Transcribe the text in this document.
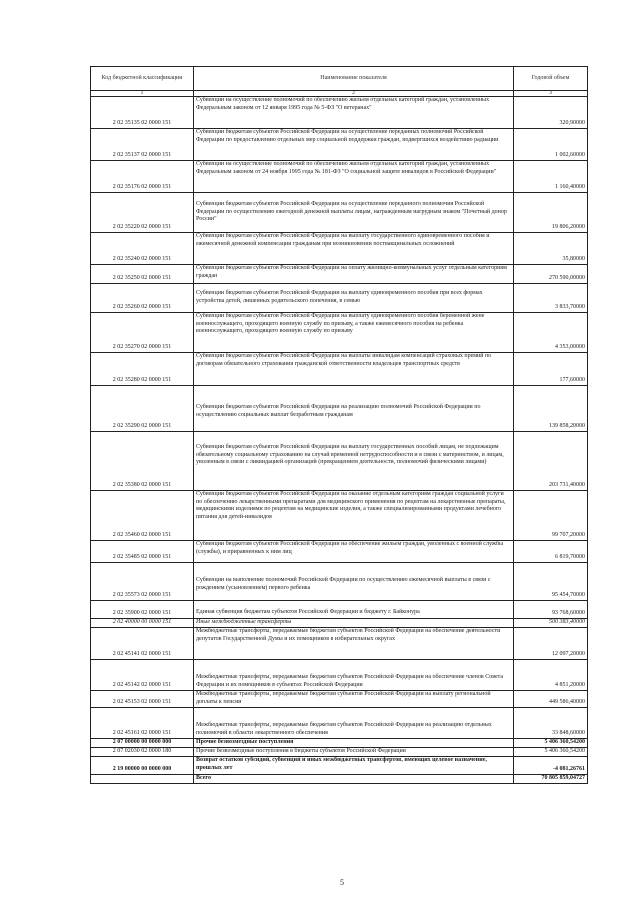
Код бюджетной классификации	Наименование показателя	Годовой объем
1	2	3
2 02 35135 02 0000 151	Субвенции на осуществление полномочий по обеспечению жильем отдельных категорий граждан, установленных Федеральным законом от 12 января 1995 года № 5-ФЗ "О ветеранах"	320,90000
2 02 35137 02 0000 151	Субвенции бюджетам субъектов Российской Федерации на осуществление переданных полномочий Российской Федерации по предоставлению отдельных мер социальной поддержки граждан, подвергшихся воздействию радиации	1 002,60000
2 02 35176 02 0000 151	Субвенции на осуществление полномочий по обеспечению жильем отдельных категорий граждан, установленных Федеральным законом от 24 ноября 1995 года № 181-ФЗ "О социальной защите инвалидов в Российской Федерации"	1 160,40000
2 02 35220 02 0000 151	Субвенции бюджетам субъектов Российской Федерации на осуществление переданного полномочия Российской Федерации по осуществлению ежегодной денежной выплаты лицам, награжденным нагрудным знаком "Почетный донор России"	19 806,20000
2 02 35240 02 0000 151	Субвенции бюджетам субъектов Российской Федерации на выплату государственного единовременного пособия и ежемесячной денежной компенсации гражданам при возникновении поствакцинальных осложнений	35,80000
2 02 35250 02 0000 151	Субвенции бюджетам субъектов Российской Федерации на оплату жилищно-коммунальных услуг отдельным категориям граждан	270 590,00000
2 02 35260 02 0000 151	Субвенции бюджетам субъектов Российской Федерации на выплату единовременного пособия при всех формах устройства детей, лишенных родительского попечения, в семью	3 833,70000
2 02 35270 02 0000 151	Субвенции бюджетам субъектов Российской Федерации на выплату единовременного пособия беременной жене военнослужащего, проходящего военную службу по призыву, а также ежемесячного пособия на ребенка военнослужащего, проходящего военную службу по призыву	4 353,00000
2 02 35280 02 0000 151	Субвенции бюджетам субъектов Российской Федерации на выплаты инвалидам компенсаций страховых премий по договорам обязательного страхования гражданской ответственности владельцев транспортных средств	177,60000
2 02 35290 02 0000 151	Субвенции бюджетам субъектов Российской Федерации на реализацию полномочий Российской Федерации по осуществлению социальных выплат безработным гражданам	139 858,20000
2 02 35380 02 0000 151	Субвенции бюджетам субъектов Российской Федерации на выплату государственных пособий лицам, не подлежащим обязательному социальному страхованию на случай временной нетрудоспособности и в связи с материнством, и лицам, уволенным в связи с ликвидацией организаций (прекращением деятельности, полномочий физическими лицами)	203 731,40000
2 02 35460 02 0000 151	Субвенции бюджетам субъектов Российской Федерации на оказание отдельным категориям граждан социальной услуги по обеспечению лекарственными препаратами для медицинского применения по рецептам на лекарственные препараты, медицинскими изделиями по рецептам на медицинские изделия, а также специализированными продуктами лечебного питания для детей-инвалидов	99 707,20000
2 02 35485 02 0000 151	Субвенции бюджетам субъектов Российской Федерации на обеспечение жильем граждан, уволенных с военной службы (службы), и приравненных к ним лиц	6 819,70000
2 02 35573 02 0000 151	Субвенции на выполнение полномочий Российской Федерации по осуществлению ежемесячной выплаты в связи с рождением (усыновлением) первого ребенка	95 454,70000
2 02 35900 02 0000 151	Единая субвенция бюджетам субъектов Российской Федерации и бюджету г. Байконура	93 768,60000
2 02 40000 00 0000 151	Иные межбюджетные трансферты	500 383,40000
2 02 45141 02 0000 151	Межбюджетные трансферты, передаваемые бюджетам субъектов Российской Федерации на обеспечение деятельности депутатов Государственной Думы и их помощников в избирательных округах	12 097,20000
2 02 45142 02 0000 151	Межбюджетные трансферты, передаваемые бюджетам субъектов Российской Федерации на обеспечение членов Совета Федерации и их помощников в субъектах Российской Федерации	4 851,20000
2 02 45153 02 0000 151	Межбюджетные трансферты, передаваемые бюджетам субъектов Российской Федерации на выплату региональной доплаты к пенсии	449 586,40000
2 02 45161 02 0000 151	Межбюджетные трансферты, передаваемые бюджетам субъектов Российской Федерации на реализацию отдельных полномочий в области лекарственного обеспечения	33 848,60000
2 07 00000 00 0000 000	Прочие безвозмездные поступления	5 406 360,54200
2 07 02030 02 0000 180	Прочие безвозмездные поступления в бюджеты субъектов Российской Федерации	5 406 360,54200
2 19 00000 00 0000 000	Возврат остатков субсидий, субвенций и иных межбюджетных трансфертов, имеющих целевое назначение, прошлых лет	-4 081,26761
	Всего	70 805 859,04727
5
